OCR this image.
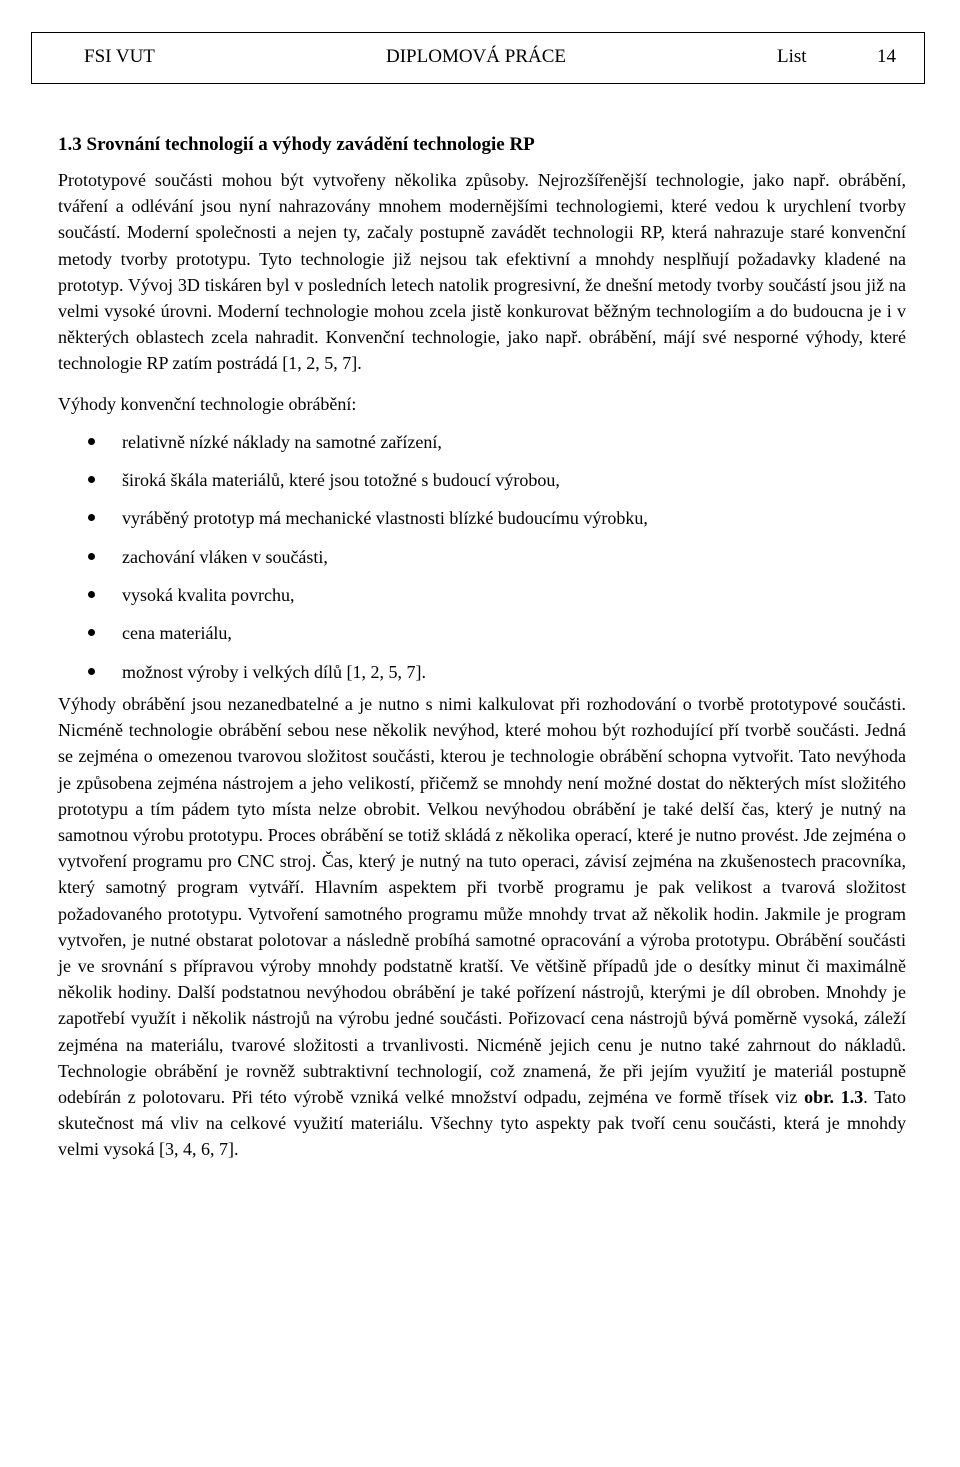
FSI VUT	DIPLOMOVÁ PRÁCE	List	14
1.3 Srovnání technologií a výhody zavádění technologie RP

Prototypové součásti mohou být vytvořeny několika způsoby. Nejrozšířenější technologie, jako např. obrábění, tváření a odlévání jsou nyní nahrazovány mnohem modernějšími technologiemi, které vedou k urychlení tvorby součástí. Moderní společnosti a nejen ty, začaly postupně zavádět technologii RP, která nahrazuje staré konvenční metody tvorby prototypu. Tyto technologie již nejsou tak efektivní a mnohdy nesplňují požadavky kladené na prototyp. Vývoj 3D tiskáren byl v posledních letech natolik progresivní, že dnešní metody tvorby součástí jsou již na velmi vysoké úrovni. Moderní technologie mohou zcela jistě konkurovat běžným technologiím a do budoucna je i v některých oblastech zcela nahradit. Konvenční technologie, jako např. obrábění, májí své nesporné výhody, které technologie RP zatím postrádá [1, 2, 5, 7].

Výhody konvenční technologie obrábění:

relativně nízké náklady na samotné zařízení,
široká škála materiálů, které jsou totožné s budoucí výrobou,
vyráběný prototyp má mechanické vlastnosti blízké budoucímu výrobku,
zachování vláken v součásti,
vysoká kvalita povrchu,
cena materiálu,
možnost výroby i velkých dílů [1, 2, 5, 7].

Výhody obrábění jsou nezanedbatelné a je nutno s nimi kalkulovat při rozhodování o tvorbě prototypové součásti. Nicméně technologie obrábění sebou nese několik nevýhod, které mohou být rozhodující pří tvorbě součásti. Jedná se zejména o omezenou tvarovou složitost součásti, kterou je technologie obrábění schopna vytvořit. Tato nevýhoda je způsobena zejména nástrojem a jeho velikostí, přičemž se mnohdy není možné dostat do některých míst složitého prototypu a tím pádem tyto místa nelze obrobit. Velkou nevýhodou obrábění je také delší čas, který je nutný na samotnou výrobu prototypu. Proces obrábění se totiž skládá z několika operací, které je nutno provést. Jde zejména o vytvoření programu pro CNC stroj. Čas, který je nutný na tuto operaci, závisí zejména na zkušenostech pracovníka, který samotný program vytváří. Hlavním aspektem při tvorbě programu je pak velikost a tvarová složitost požadovaného prototypu. Vytvoření samotného programu může mnohdy trvat až několik hodin. Jakmile je program vytvořen, je nutné obstarat polotovar a následně probíhá samotné opracování a výroba prototypu. Obrábění součásti je ve srovnání s přípravou výroby mnohdy podstatně kratší. Ve většině případů jde o desítky minut či maximálně několik hodiny. Další podstatnou nevýhodou obrábění je také pořízení nástrojů, kterými je díl obroben. Mnohdy je zapotřebí využít i několik nástrojů na výrobu jedné součásti. Pořizovací cena nástrojů bývá poměrně vysoká, záleží zejména na materiálu, tvarové složitosti a trvanlivosti. Nicméně jejich cenu je nutno také zahrnout do nákladů. Technologie obrábění je rovněž subtraktivní technologií, což znamená, že při jejím využití je materiál postupně odebírán z polotovaru. Při této výrobě vzniká velké množství odpadu, zejména ve formě třísek viz obr. 1.3. Tato skutečnost má vliv na celkové využití materiálu. Všechny tyto aspekty pak tvoří cenu součásti, která je mnohdy velmi vysoká [3, 4, 6, 7].
